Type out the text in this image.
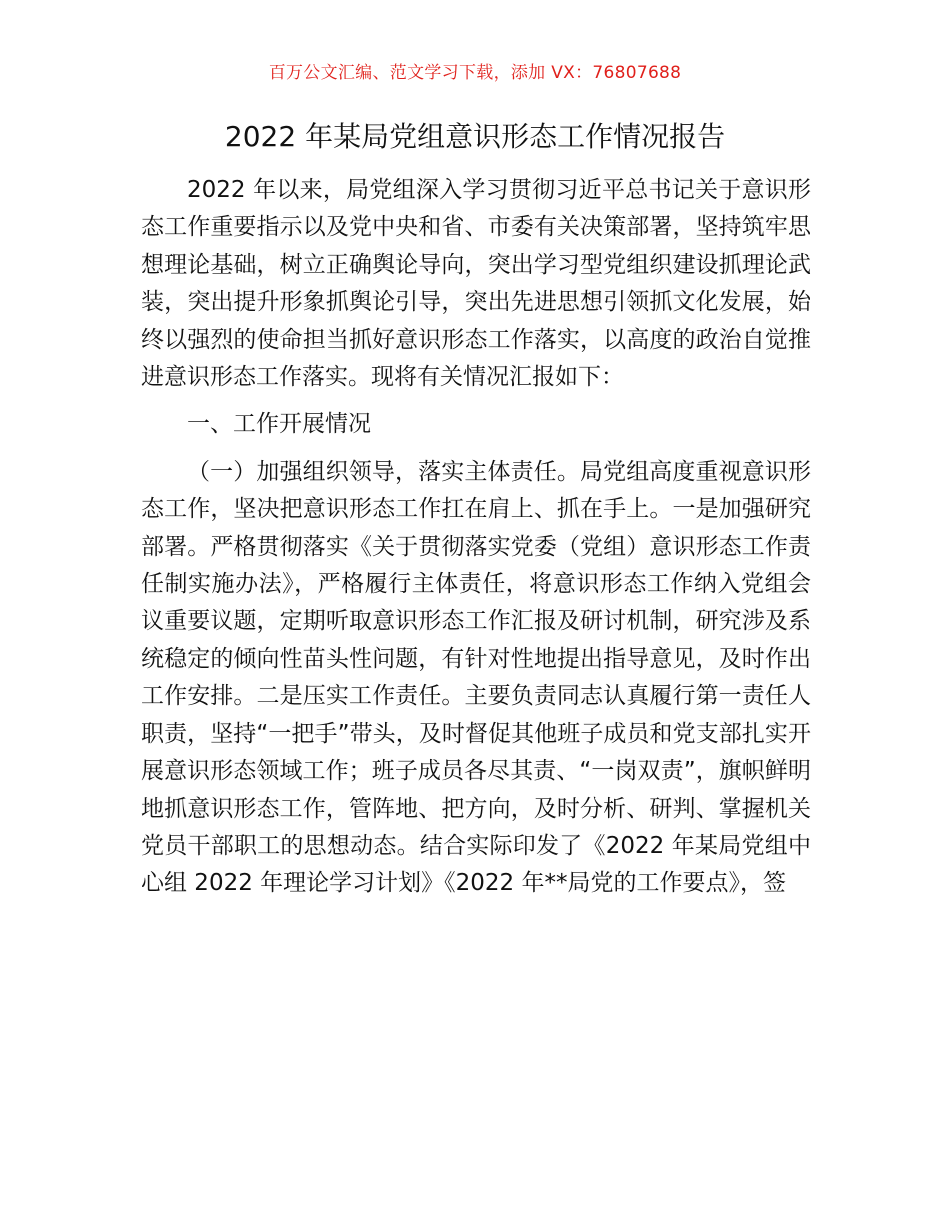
百万公文汇编、范文学习下载，添加 VX：76807688
2022 年某局党组意识形态工作情况报告

2022 年以来，局党组深入学习贯彻习近平总书记关于意识形态工作重要指示以及党中央和省、市委有关决策部署，坚持筑牢思想理论基础，树立正确舆论导向，突出学习型党组织建设抓理论武装，突出提升形象抓舆论引导，突出先进思想引领抓文化发展，始终以强烈的使命担当抓好意识形态工作落实，以高度的政治自觉推进意识形态工作落实。现将有关情况汇报如下：

一、工作开展情况

（一）加强组织领导，落实主体责任。局党组高度重视意识形态工作，坚决把意识形态工作扛在肩上、抓在手上。一是加强研究部署。严格贯彻落实《关于贯彻落实党委（党组）意识形态工作责任制实施办法》，严格履行主体责任，将意识形态工作纳入党组会议重要议题，定期听取意识形态工作汇报及研讨机制，研究涉及系统稳定的倾向性苗头性问题，有针对性地提出指导意见，及时作出工作安排。二是压实工作责任。主要负责同志认真履行第一责任人职责，坚持“一把手”带头，及时督促其他班子成员和党支部扎实开展意识形态领域工作；班子成员各尽其责、“一岗双责”，旗帜鲜明地抓意识形态工作，管阵地、把方向，及时分析、研判、掌握机关党员干部职工的思想动态。结合实际印发了《2022 年某局党组中心组 2022 年理论学习计划》《2022 年**局党的工作要点》，签
